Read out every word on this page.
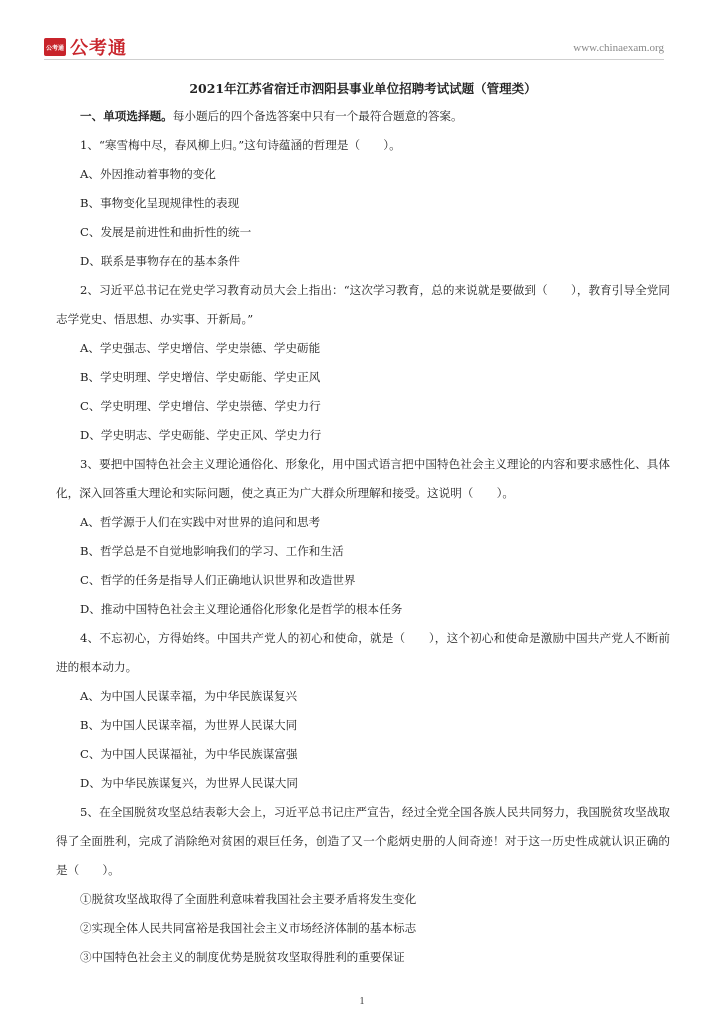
公考通 公考通	www.chinaexam.org
2021年江苏省宿迁市泗阳县事业单位招聘考试试题（管理类）
一、单项选择题。每小题后的四个备选答案中只有一个最符合题意的答案。
1、“寒雪梅中尽，春风柳上归。”这句诗蕴涵的哲理是（　　）。
A、外因推动着事物的变化
B、事物变化呈现规律性的表现
C、发展是前进性和曲折性的统一
D、联系是事物存在的基本条件
2、习近平总书记在党史学习教育动员大会上指出：“这次学习教育，总的来说就是要做到（　　），教育引导全党同志学党史、悟思想、办实事、开新局。”
A、学史强志、学史增信、学史崇德、学史砺能
B、学史明理、学史增信、学史砺能、学史正风
C、学史明理、学史增信、学史崇德、学史力行
D、学史明志、学史砺能、学史正风、学史力行
3、要把中国特色社会主义理论通俗化、形象化，用中国式语言把中国特色社会主义理论的内容和要求感性化、具体化，深入回答重大理论和实际问题，使之真正为广大群众所理解和接受。这说明（　　）。
A、哲学源于人们在实践中对世界的追问和思考
B、哲学总是不自觉地影响我们的学习、工作和生活
C、哲学的任务是指导人们正确地认识世界和改造世界
D、推动中国特色社会主义理论通俗化形象化是哲学的根本任务
4、不忘初心，方得始终。中国共产党人的初心和使命，就是（　　），这个初心和使命是激励中国共产党人不断前进的根本动力。
A、为中国人民谋幸福，为中华民族谋复兴
B、为中国人民谋幸福，为世界人民谋大同
C、为中国人民谋福祉，为中华民族谋富强
D、为中华民族谋复兴，为世界人民谋大同
5、在全国脱贫攻坚总结表彰大会上，习近平总书记庄严宣告，经过全党全国各族人民共同努力，我国脱贫攻坚战取得了全面胜利，完成了消除绝对贫困的艰巨任务，创造了又一个彪炳史册的人间奇迹！对于这一历史性成就认识正确的是（　　）。
①脱贫攻坚战取得了全面胜利意味着我国社会主要矛盾将发生变化
②实现全体人民共同富裕是我国社会主义市场经济体制的基本标志
③中国特色社会主义的制度优势是脱贫攻坚取得胜利的重要保证
1
